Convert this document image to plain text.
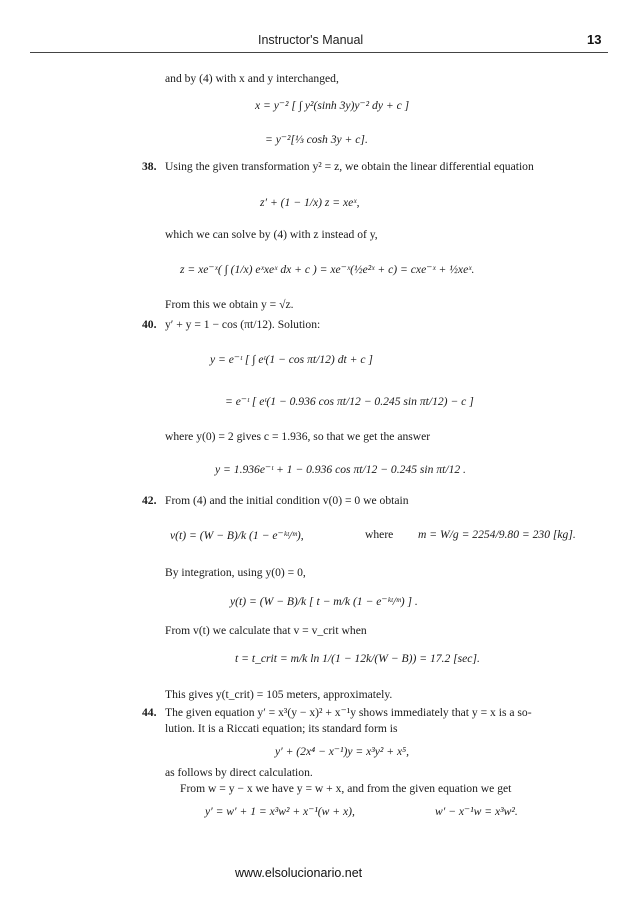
Instructor's Manual	13
and by (4) with x and y interchanged,
x = y⁻² [ ∫ y²(sinh 3y)y⁻² dy + c ]
= y⁻²[⅓ cosh 3y + c].
38. Using the given transformation y² = z, we obtain the linear differential equation
z′ + (1 − 1/x) z = xeˣ,
which we can solve by (4) with z instead of y,
z = xe⁻ˣ( ∫ (1/x) eˣxeˣ dx + c ) = xe⁻ˣ(½e²ˣ + c) = cxe⁻ˣ + ½xeˣ.
From this we obtain y = √z.
40. y′ + y = 1 − cos (πt/12). Solution:
y = e⁻ᵗ [ ∫ eᵗ(1 − cos πt/12) dt + c ]
= e⁻ᵗ [ eᵗ(1 − 0.936 cos πt/12 − 0.245 sin πt/12) − c ]
where y(0) = 2 gives c = 1.936, so that we get the answer
y = 1.936e⁻ᵗ + 1 − 0.936 cos πt/12 − 0.245 sin πt/12 .
42. From (4) and the initial condition v(0) = 0 we obtain
v(t) = (W − B)/k (1 − e⁻ᵏᵗ/ᵐ),	where m = W/g = 2254/9.80 = 230 [kg].
By integration, using y(0) = 0,
y(t) = (W − B)/k [ t − m/k (1 − e⁻ᵏᵗ/ᵐ) ] .
From v(t) we calculate that v = v_crit when
t = t_crit = m/k ln 1/(1 − 12k/(W − B)) = 17.2 [sec].
This gives y(t_crit) = 105 meters, approximately.
44. The given equation y′ = x³(y − x)² + x⁻¹y shows immediately that y = x is a so-
lution. It is a Riccati equation; its standard form is
y′ + (2x⁴ − x⁻¹)y = x³y² + x⁵,
as follows by direct calculation.
From w = y − x we have y = w + x, and from the given equation we get
y′ = w′ + 1 = x³w² + x⁻¹(w + x),	w′ − x⁻¹w = x³w².
www.elsolucionario.net
